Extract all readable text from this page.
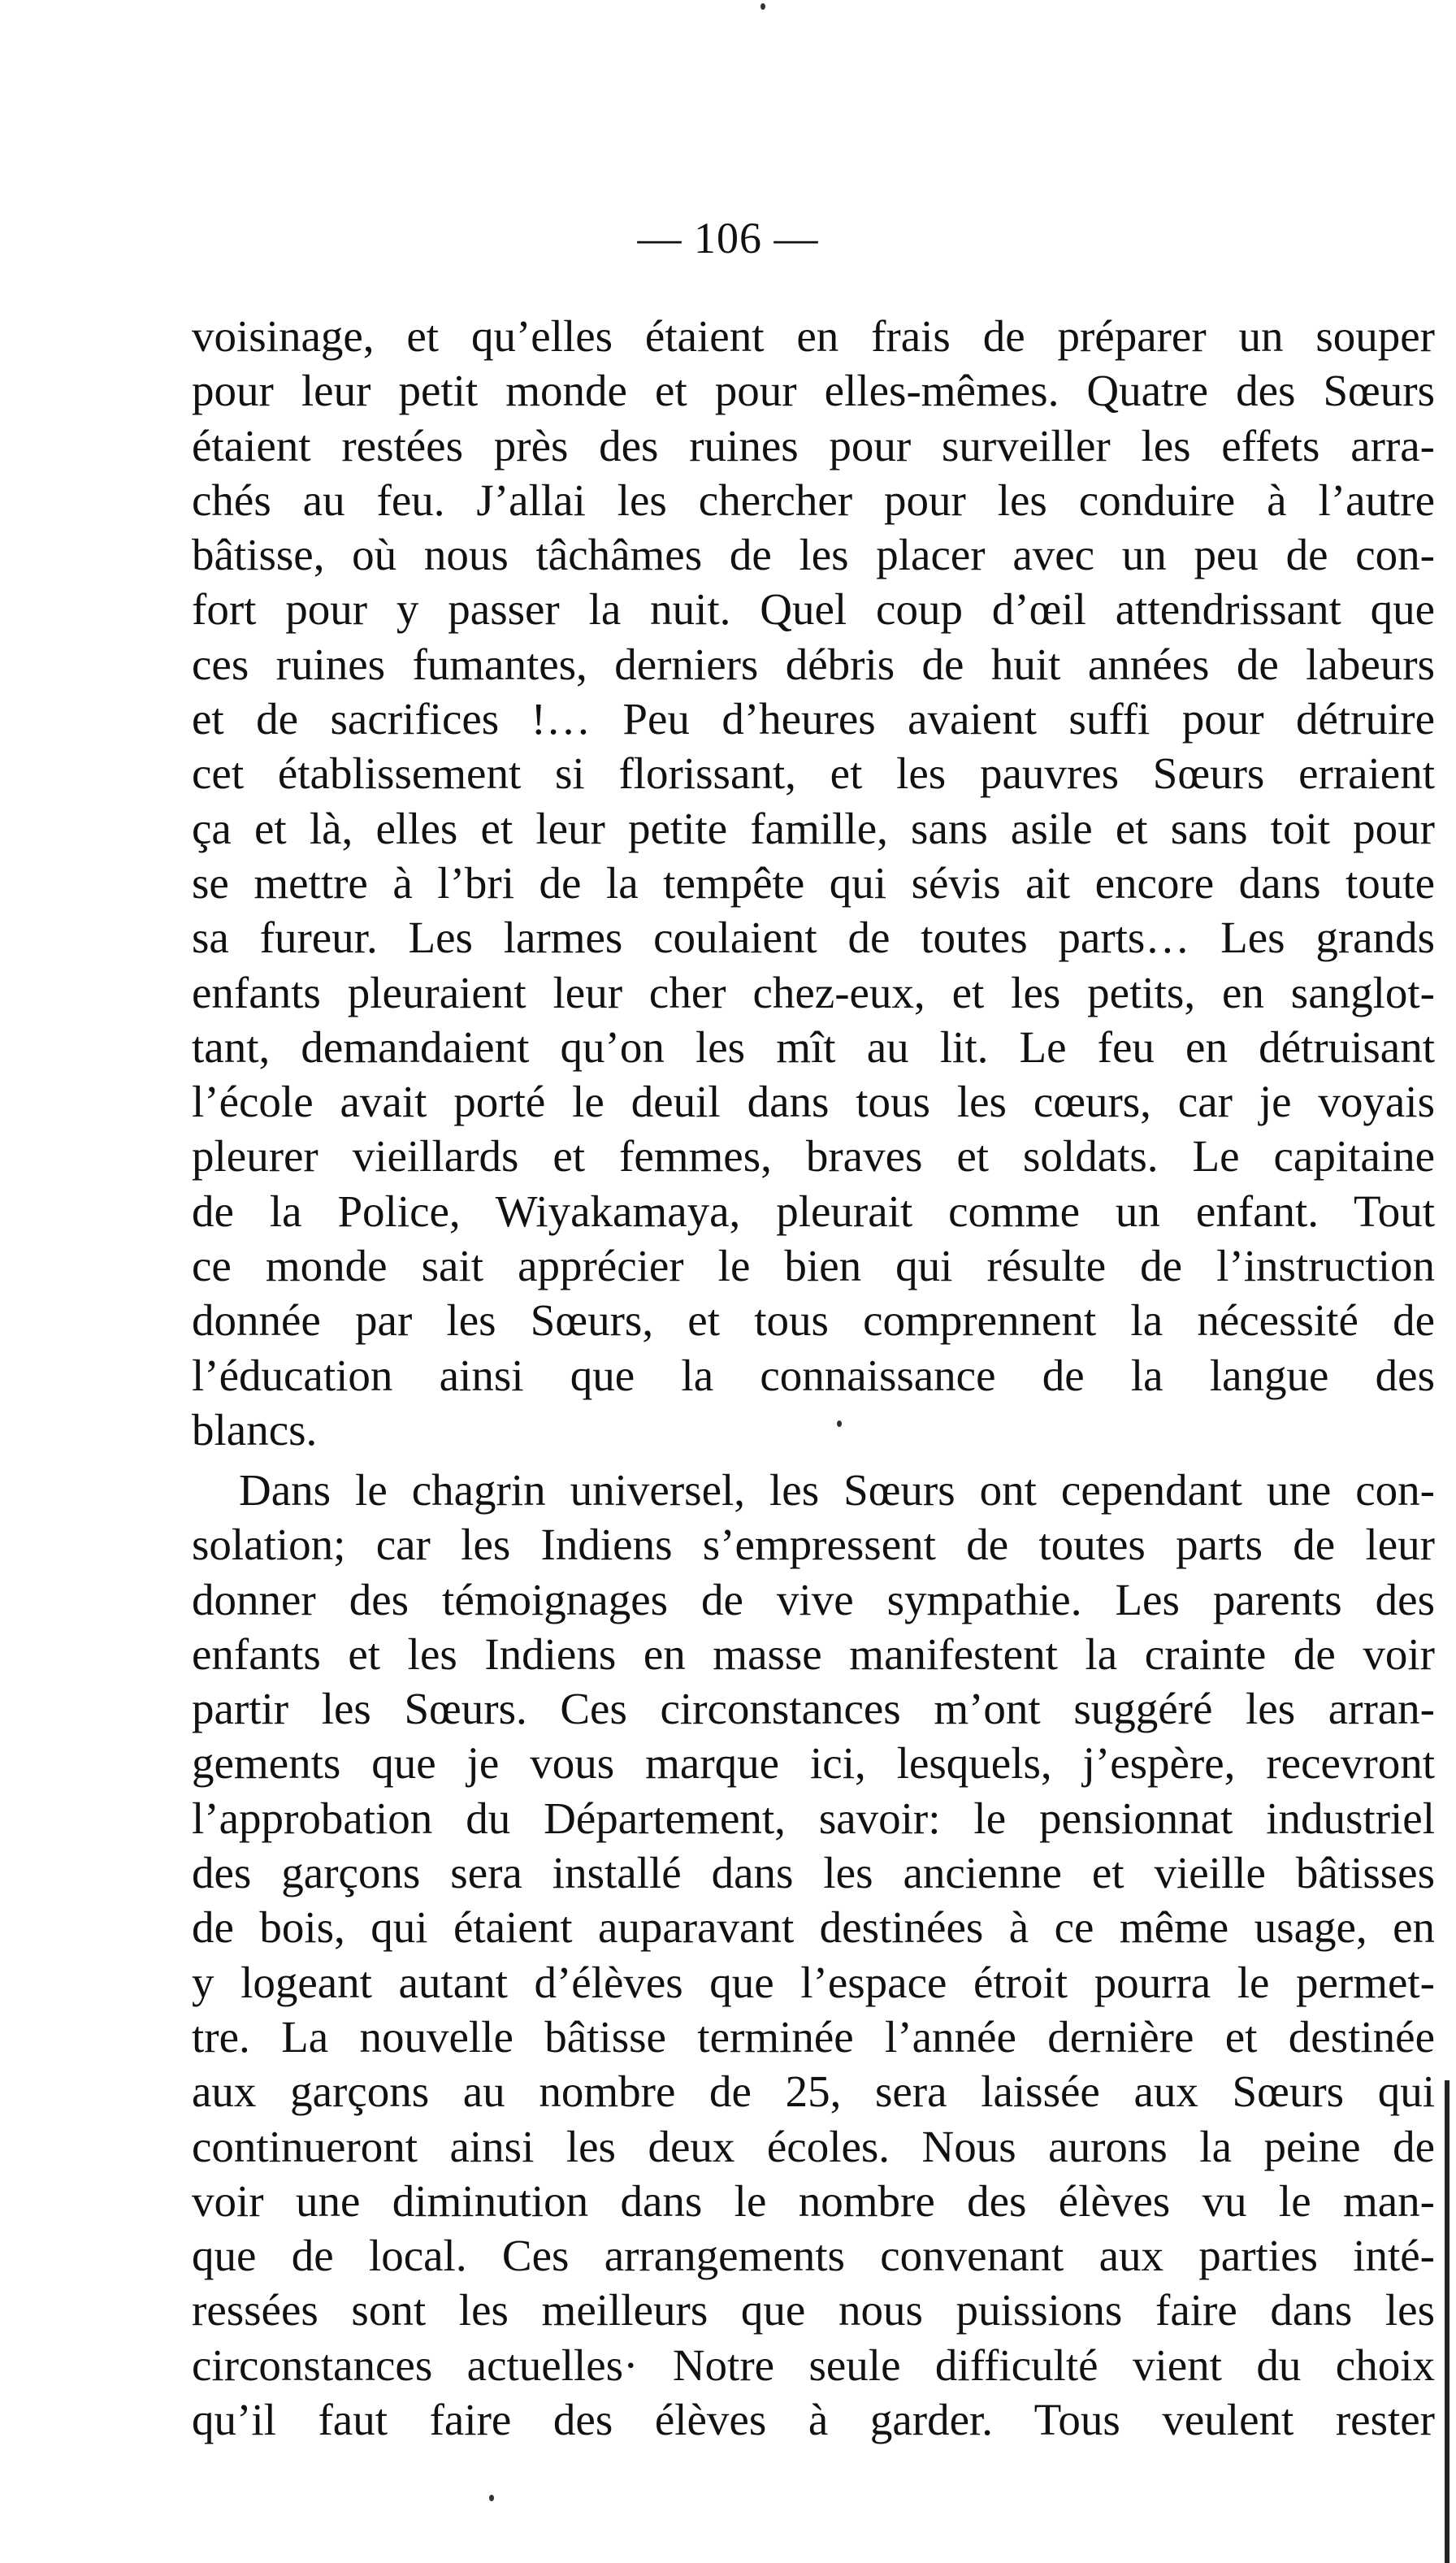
— 106 —
voisinage, et qu’elles étaient en frais de préparer un souper
pour leur petit monde et pour elles-mêmes. Quatre des Sœurs
étaient restées près des ruines pour surveiller les effets arra-
chés au feu. J’allai les chercher pour les conduire à l’autre
bâtisse, où nous tâchâmes de les placer avec un peu de con-
fort pour y passer la nuit. Quel coup d’œil attendrissant que
ces ruines fumantes, derniers débris de huit années de labeurs
et de sacrifices !… Peu d’heures avaient suffi pour détruire
cet établissement si florissant, et les pauvres Sœurs erraient
ça et là, elles et leur petite famille, sans asile et sans toit pour
se mettre à l’bri de la tempête qui sévis ait encore dans toute
sa fureur. Les larmes coulaient de toutes parts… Les grands
enfants pleuraient leur cher chez-eux, et les petits, en sanglot-
tant, demandaient qu’on les mît au lit. Le feu en détruisant
l’école avait porté le deuil dans tous les cœurs, car je voyais
pleurer vieillards et femmes, braves et soldats. Le capitaine
de la Police, Wiyakamaya, pleurait comme un enfant. Tout
ce monde sait apprécier le bien qui résulte de l’instruction
donnée par les Sœurs, et tous comprennent la nécessité de
l’éducation ainsi que la connaissance de la langue des
blancs.
Dans le chagrin universel, les Sœurs ont cependant une con-
solation; car les Indiens s’empressent de toutes parts de leur
donner des témoignages de vive sympathie. Les parents des
enfants et les Indiens en masse manifestent la crainte de voir
partir les Sœurs. Ces circonstances m’ont suggéré les arran-
gements que je vous marque ici, lesquels, j’espère, recevront
l’approbation du Département, savoir: le pensionnat industriel
des garçons sera installé dans les ancienne et vieille bâtisses
de bois, qui étaient auparavant destinées à ce même usage, en
y logeant autant d’élèves que l’espace étroit pourra le permet-
tre. La nouvelle bâtisse terminée l’année dernière et destinée
aux garçons au nombre de 25, sera laissée aux Sœurs qui
continueront ainsi les deux écoles. Nous aurons la peine de
voir une diminution dans le nombre des élèves vu le man-
que de local. Ces arrangements convenant aux parties inté-
ressées sont les meilleurs que nous puissions faire dans les
circonstances actuelles· Notre seule difficulté vient du choix
qu’il faut faire des élèves à garder. Tous veulent rester
